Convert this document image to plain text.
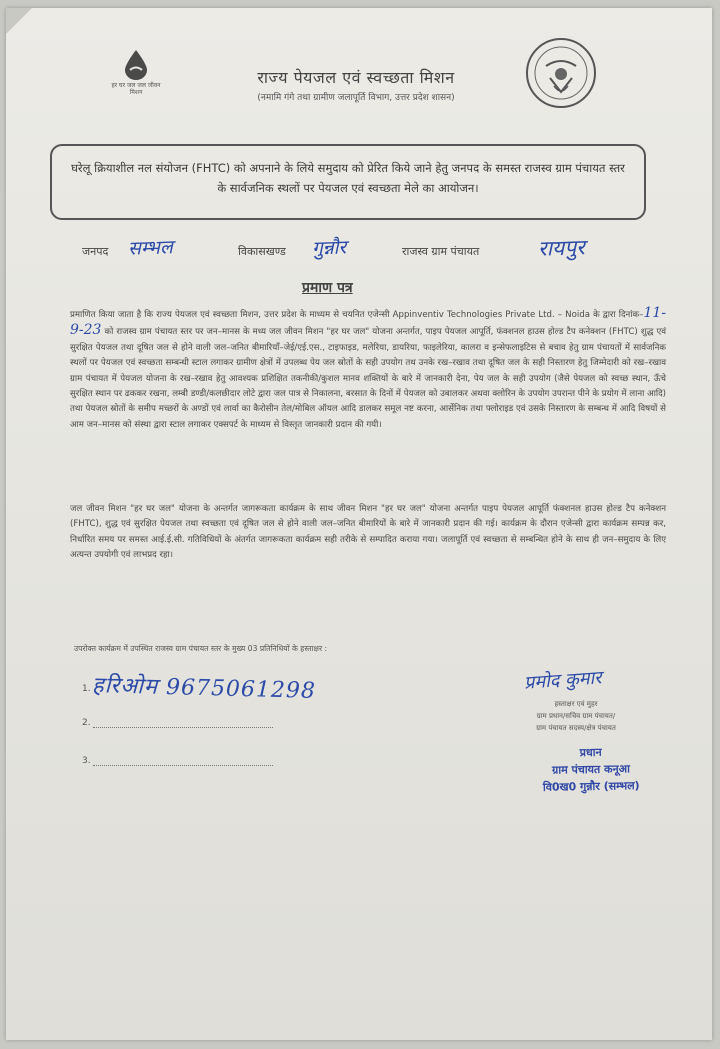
हर घर जल जल जीवन मिशन
राज्य पेयजल एवं स्वच्छता मिशन
(नमामि गंगे तथा ग्रामीण जलापूर्ति विभाग, उत्तर प्रदेश शासन)
घरेलू क्रियाशील नल संयोजन (FHTC) को अपनाने के लिये समुदाय को प्रेरित किये जाने हेतु जनपद के समस्त राजस्व ग्राम पंचायत स्तर के सार्वजनिक स्थलों पर पेयजल एवं स्वच्छता मेले का आयोजन।
जनपद सम्भल	विकासखण्ड गुन्नौर	राजस्व ग्राम पंचायत	रायपुर
प्रमाण पत्र
प्रमाणित किया जाता है कि राज्य पेयजल एवं स्वच्छता मिशन, उत्तर प्रदेश के माध्यम से चयनित एजेन्सी Appinventiv Technologies Private Ltd. – Noida के द्वारा दिनांक–11-9-23 को राजस्व ग्राम पंचायत स्तर पर जन–मानस के मध्य जल जीवन मिशन "हर घर जल" योजना अन्तर्गत, पाइप पेयजल आपूर्ति, फंक्शनल हाउस होल्ड टैप कनेक्शन (FHTC) शुद्ध एवं सुरक्षित पेयजल तथा दूषित जल से होने वाली जल–जनित बीमारियाँ–जेई/एई.एस., टाइफाइड, मलेरिया, डायरिया, फाइलेरिया, कालरा व इन्सेफलाइटिस से बचाव हेतु ग्राम पंचायतों में सार्वजनिक स्थलों पर पेयजल एवं स्वच्छता सम्बन्धी स्टाल लगाकर ग्रामीण क्षेत्रों में उपलब्ध पेय जल स्रोतों के सही उपयोग तथ उनके रख–रखाव तथा दूषित जल के सही निस्तारण हेतु जिम्मेदारी को रख–रखाव ग्राम पंचायत में पेयजल योजना के रख–रखाव हेतु आवश्यक प्रशिक्षित तकनीकी/कुशल मानव शक्तियों के बारे में जानकारी देना, पेय जल के सही उपयोग (जैसे पेयजल को स्वच्छ स्थान, ऊँचे सुरक्षित स्थान पर ढककर रखना, लम्बी डण्डी/कलछीदार लोटे द्वारा जल पात्र से निकालना, बरसात के दिनों में पेयजल को उबालकर अथवा क्लोरिन के उपयोग उपरान्त पीने के प्रयोग में लाना आदि) तथा पेयजल स्रोतों के समीप मच्छरों के अण्डों एवं लार्वा का कैरोसीन तेल/मोबिल ऑयल आदि डालकर समूल नष्ट करना, आर्सेनिक तथा फ्लोराइड एवं उसके निस्तारण के सम्बन्ध में आदि विषयों से आम जन–मानस को संस्था द्वारा स्टाल लगाकर एक्सपर्ट के माध्यम से विस्तृत जानकारी प्रदान की गयी।
जल जीवन मिशन "हर घर जल" योजना के अन्तर्गत जागरूकता कार्यक्रम के साथ जीवन मिशन "हर घर जल" योजना अन्तर्गत पाइप पेयजल आपूर्ति फंक्शनल हाउस होल्ड टैप कनेक्शन (FHTC), शुद्ध एवं सुरक्षित पेयजल तथा स्वच्छता एवं दूषित जल से होने वाली जल–जनित बीमारियों के बारे में जानकारी प्रदान की गई। कार्यक्रम के दौरान एजेन्सी द्वारा कार्यक्रम सम्पन्न कर, निर्धारित समय पर समस्त आई.ई.सी. गतिविधियों के अंतर्गत जागरूकता कार्यक्रम सही तरीके से सम्पादित कराया गया। जलापूर्ति एवं स्वच्छता से सम्बन्धित होने के साथ ही जन–समुदाय के लिए अत्यन्त उपयोगी एवं लाभप्रद रहा।
उपरोक्त कार्यक्रम में उपस्थित राजस्व ग्राम पंचायत स्तर के मुख्य 03 प्रतिनिधियों के हस्ताक्षर :
1. हरिओम 9675061298
2.
3.
प्रमोद कुमार
हस्ताक्षर एवं मुहर
ग्राम प्रधान/सचिव ग्राम पंचायत/
ग्राम पंचायत सदस्य/क्षेत्र पंचायत
प्रधान
ग्राम पंचायत कनूआ
वि0ख0 गुन्नौर (सम्भल)
